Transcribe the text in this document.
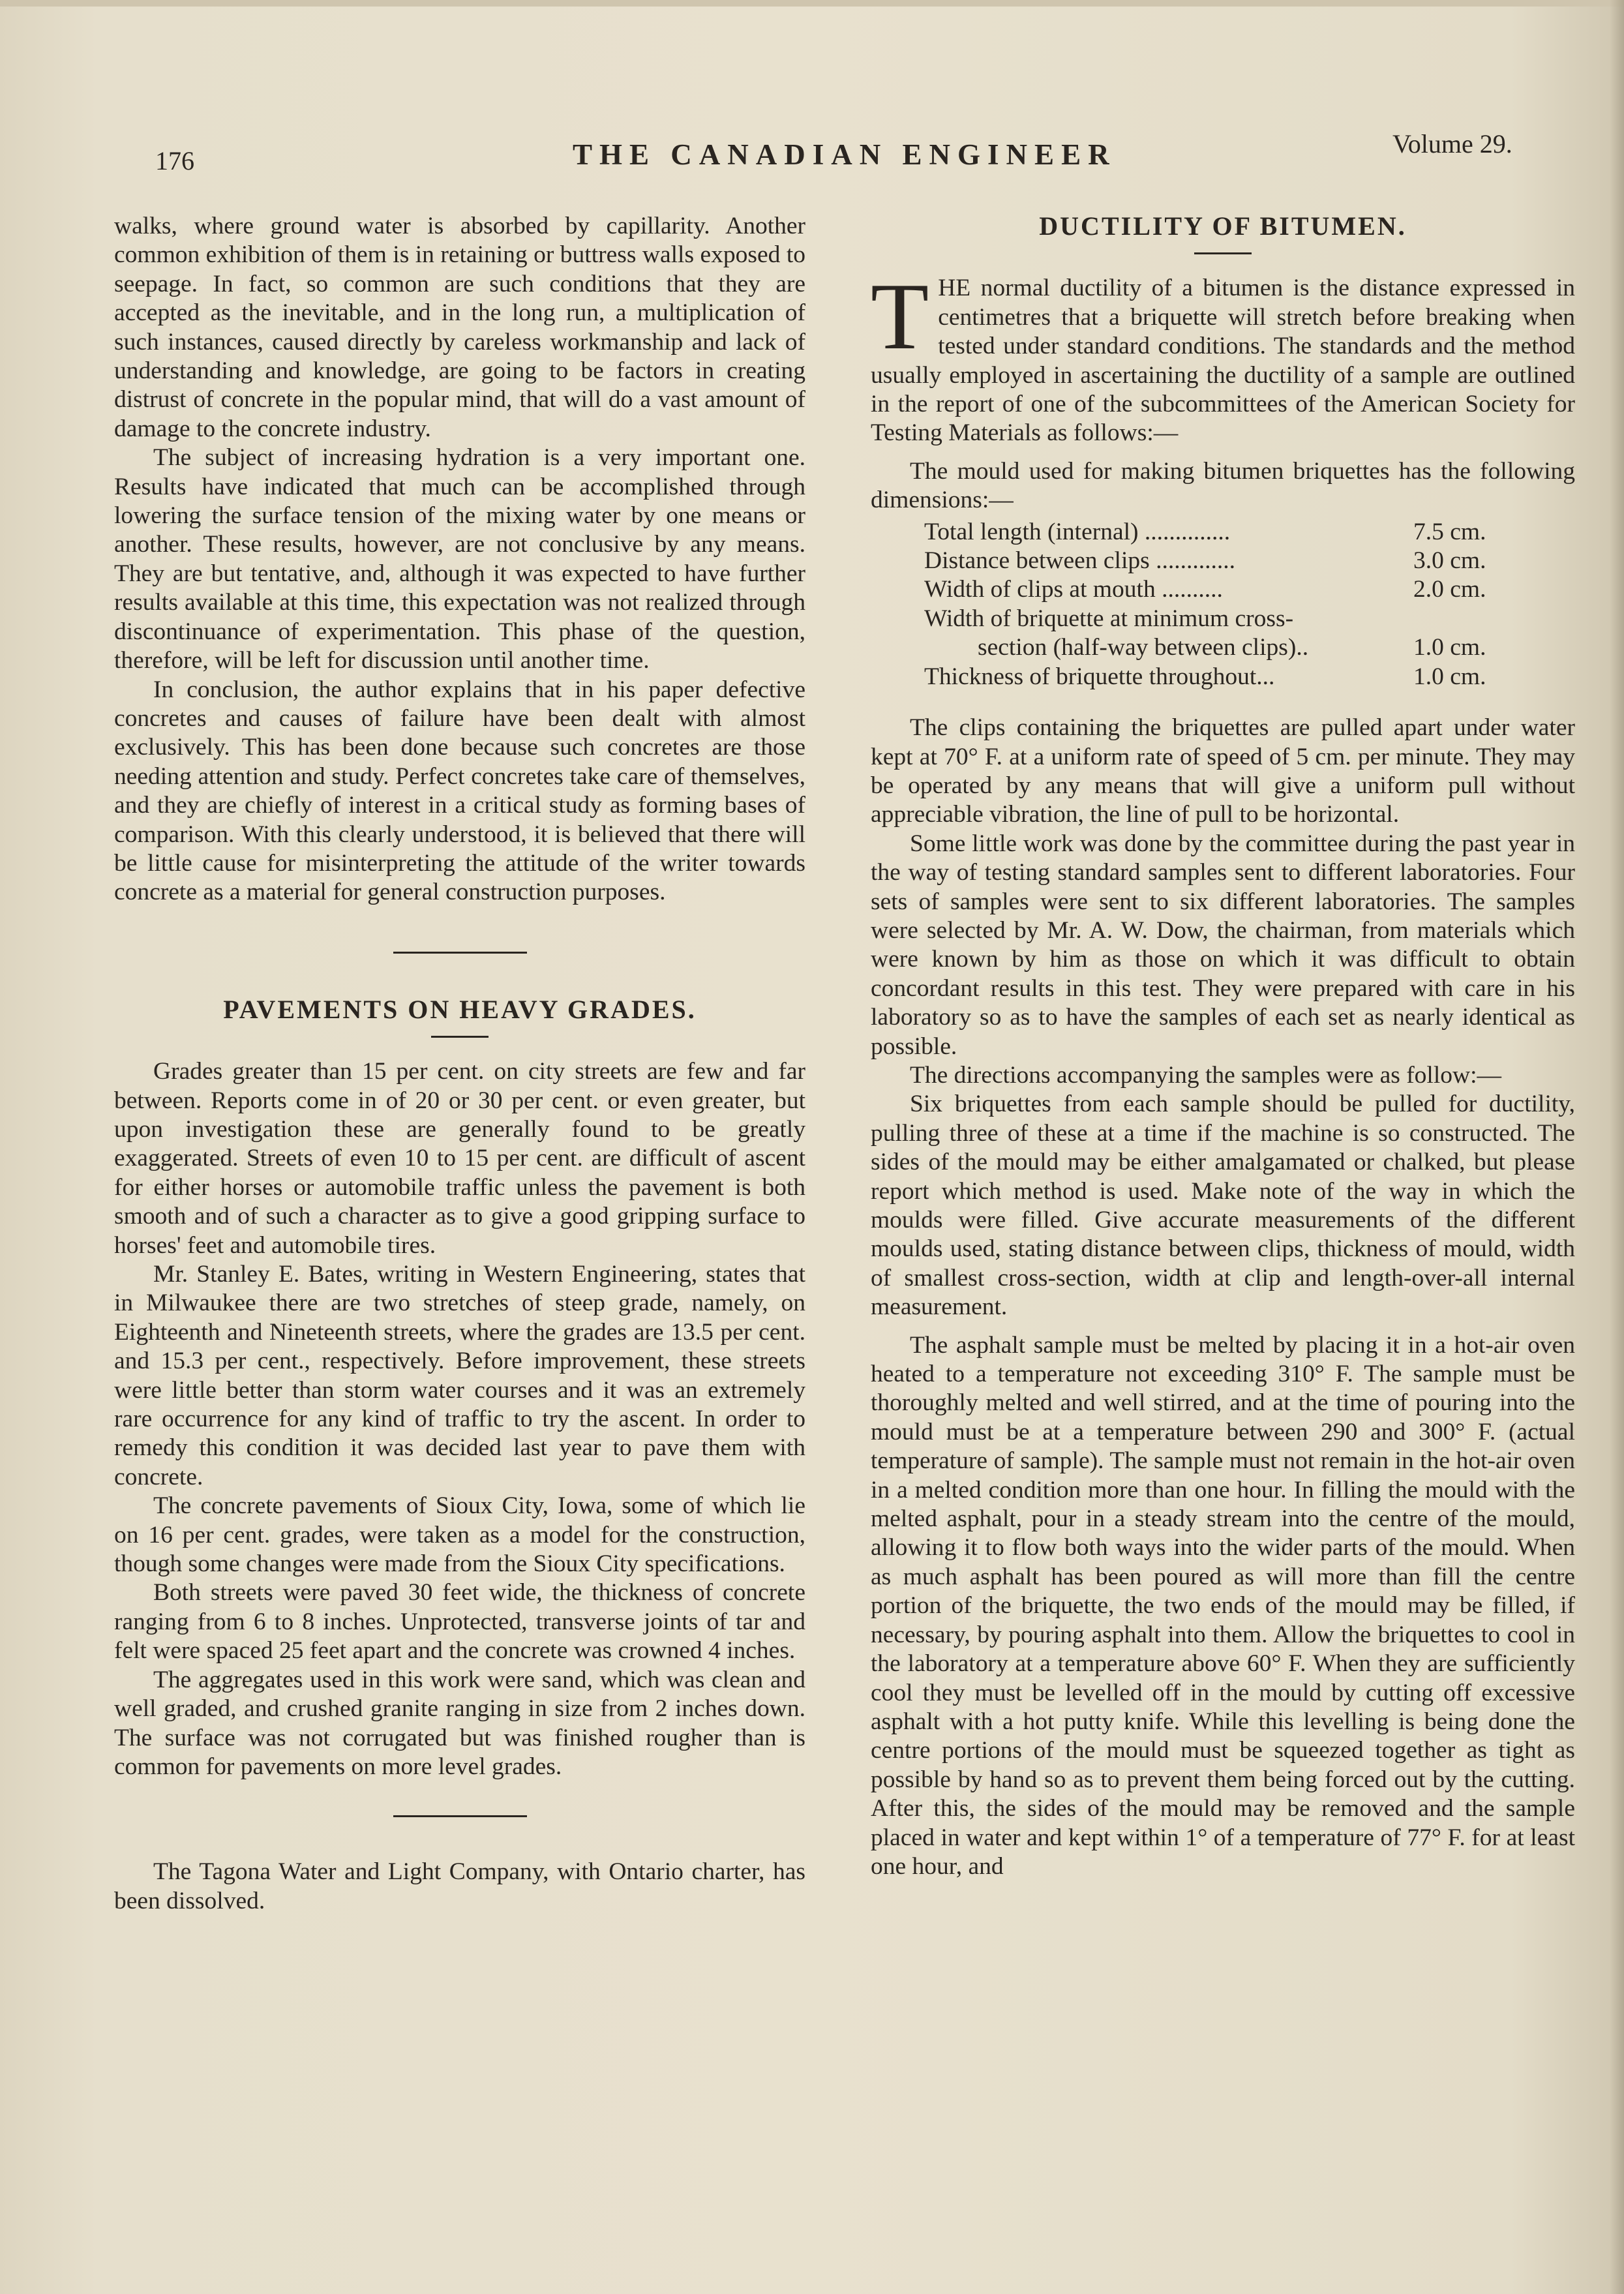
176	THE CANADIAN ENGINEER	Volume 29.

walks, where ground water is absorbed by capillarity. Another common exhibition of them is in retaining or buttress walls exposed to seepage. In fact, so common are such conditions that they are accepted as the inevitable, and in the long run, a multiplication of such instances, caused directly by careless workmanship and lack of understanding and knowledge, are going to be factors in creating distrust of concrete in the popular mind, that will do a vast amount of damage to the concrete industry.

The subject of increasing hydration is a very important one. Results have indicated that much can be accomplished through lowering the surface tension of the mixing water by one means or another. These results, however, are not conclusive by any means. They are but tentative, and, although it was expected to have further results available at this time, this expectation was not realized through discontinuance of experimentation. This phase of the question, therefore, will be left for discussion until another time.

In conclusion, the author explains that in his paper defective concretes and causes of failure have been dealt with almost exclusively. This has been done because such concretes are those needing attention and study. Perfect concretes take care of themselves, and they are chiefly of interest in a critical study as forming bases of comparison. With this clearly understood, it is believed that there will be little cause for misinterpreting the attitude of the writer towards concrete as a material for general construction purposes.

PAVEMENTS ON HEAVY GRADES.

Grades greater than 15 per cent. on city streets are few and far between. Reports come in of 20 or 30 per cent. or even greater, but upon investigation these are generally found to be greatly exaggerated. Streets of even 10 to 15 per cent. are difficult of ascent for either horses or automobile traffic unless the pavement is both smooth and of such a character as to give a good gripping surface to horses' feet and automobile tires.

Mr. Stanley E. Bates, writing in Western Engineering, states that in Milwaukee there are two stretches of steep grade, namely, on Eighteenth and Nineteenth streets, where the grades are 13.5 per cent. and 15.3 per cent., respectively. Before improvement, these streets were little better than storm water courses and it was an extremely rare occurrence for any kind of traffic to try the ascent. In order to remedy this condition it was decided last year to pave them with concrete.

The concrete pavements of Sioux City, Iowa, some of which lie on 16 per cent. grades, were taken as a model for the construction, though some changes were made from the Sioux City specifications.

Both streets were paved 30 feet wide, the thickness of concrete ranging from 6 to 8 inches. Unprotected, transverse joints of tar and felt were spaced 25 feet apart and the concrete was crowned 4 inches.

The aggregates used in this work were sand, which was clean and well graded, and crushed granite ranging in size from 2 inches down. The surface was not corrugated but was finished rougher than is common for pavements on more level grades.

The Tagona Water and Light Company, with Ontario charter, has been dissolved.

DUCTILITY OF BITUMEN.
T HE normal ductility of a bitumen is the distance expressed in centimetres that a briquette will stretch before breaking when tested under standard conditions. The standards and the method usually employed in ascertaining the ductility of a sample are outlined in the report of one of the subcommittees of the American Society for Testing Materials as follows:—

The mould used for making bitumen briquettes has the following dimensions:—

Total length (internal) ..............	7.5 cm.
Distance between clips .............	3.0 cm.
Width of clips at mouth ..........	2.0 cm.
Width of briquette at minimum cross-
section (half-way between clips)..	1.0 cm.
Thickness of briquette throughout...	1.0 cm.

The clips containing the briquettes are pulled apart under water kept at 70° F. at a uniform rate of speed of 5 cm. per minute. They may be operated by any means that will give a uniform pull without appreciable vibration, the line of pull to be horizontal.

Some little work was done by the committee during the past year in the way of testing standard samples sent to different laboratories. Four sets of samples were sent to six different laboratories. The samples were selected by Mr. A. W. Dow, the chairman, from materials which were known by him as those on which it was difficult to obtain concordant results in this test. They were prepared with care in his laboratory so as to have the samples of each set as nearly identical as possible.

The directions accompanying the samples were as follow:—

Six briquettes from each sample should be pulled for ductility, pulling three of these at a time if the machine is so constructed. The sides of the mould may be either amalgamated or chalked, but please report which method is used. Make note of the way in which the moulds were filled. Give accurate measurements of the different moulds used, stating distance between clips, thickness of mould, width of smallest cross-section, width at clip and length-over-all internal measurement.

The asphalt sample must be melted by placing it in a hot-air oven heated to a temperature not exceeding 310° F. The sample must be thoroughly melted and well stirred, and at the time of pouring into the mould must be at a temperature between 290 and 300° F. (actual temperature of sample). The sample must not remain in the hot-air oven in a melted condition more than one hour. In filling the mould with the melted asphalt, pour in a steady stream into the centre of the mould, allowing it to flow both ways into the wider parts of the mould. When as much asphalt has been poured as will more than fill the centre portion of the briquette, the two ends of the mould may be filled, if necessary, by pouring asphalt into them. Allow the briquettes to cool in the laboratory at a temperature above 60° F. When they are sufficiently cool they must be levelled off in the mould by cutting off excessive asphalt with a hot putty knife. While this levelling is being done the centre portions of the mould must be squeezed together as tight as possible by hand so as to prevent them being forced out by the cutting. After this, the sides of the mould may be removed and the sample placed in water and kept within 1° of a temperature of 77° F. for at least one hour, and
